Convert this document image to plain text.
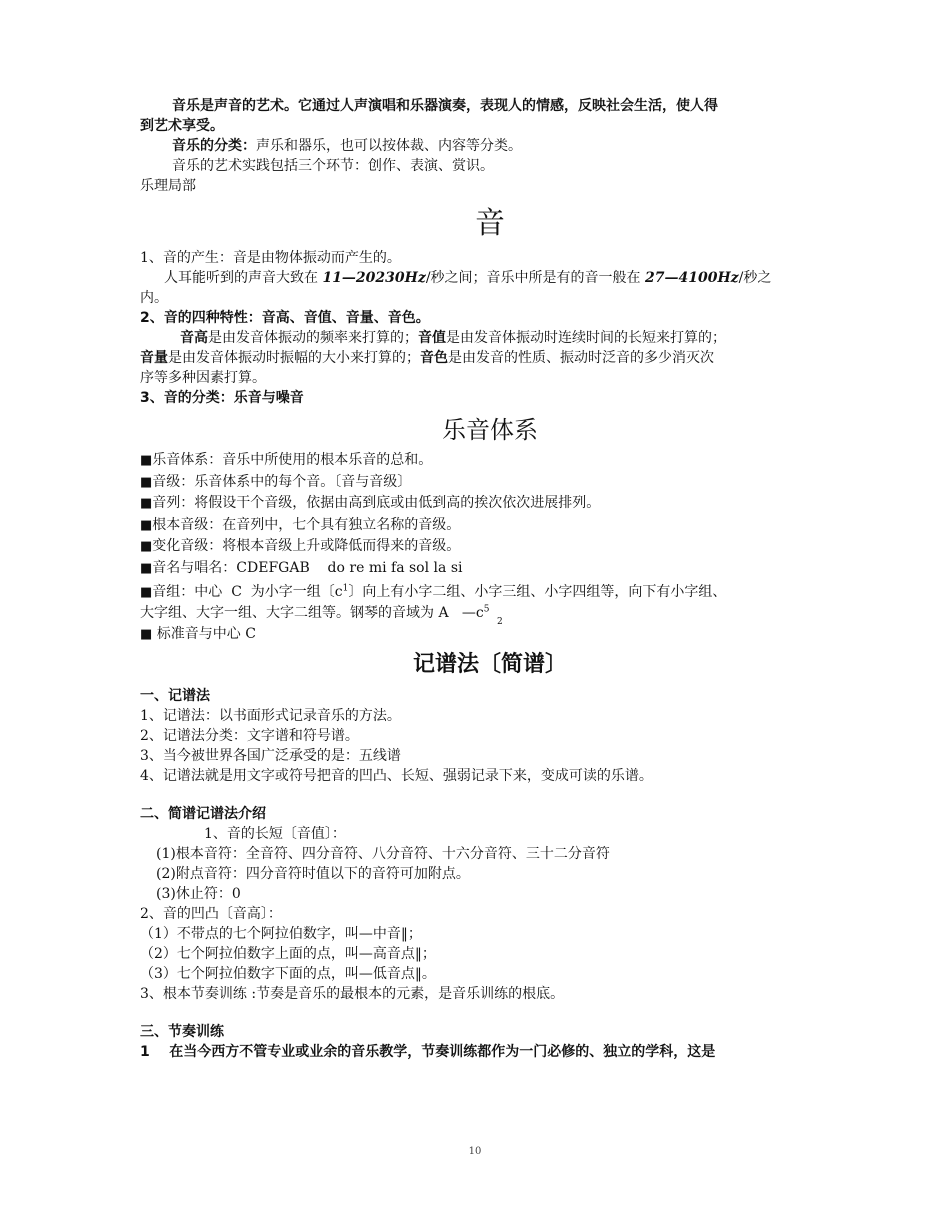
音乐是声音的艺术。它通过人声演唱和乐器演奏，表现人的情感，反映社会生活，使人得
到艺术享受。
音乐的分类：声乐和器乐，也可以按体裁、内容等分类。
音乐的艺术实践包括三个环节：创作、表演、赏识。
乐理局部
音
1、音的产生：音是由物体振动而产生的。
人耳能听到的声音大致在 11—20230Hz/秒之间；音乐中所是有的音一般在 27—4100Hz/秒之
内。
2、音的四种特性：音高、音值、音量、音色。
音高是由发音体振动的频率来打算的；音值是由发音体振动时连续时间的长短来打算的；
音量是由发音体振动时振幅的大小来打算的；音色是由发音的性质、振动时泛音的多少消灭次
序等多种因素打算。
3、音的分类：乐音与噪音
乐音体系
■乐音体系：音乐中所使用的根本乐音的总和。
■音级：乐音体系中的每个音。〔音与音级〕
■音列：将假设干个音级，依据由高到底或由低到高的挨次依次进展排列。
■根本音级：在音列中，七个具有独立名称的音级。
■变化音级：将根本音级上升或降低而得来的音级。
■音名与唱名：CDEFGAB    do re mi fa sol la si
■音组：中心  C  为小字一组〔$c^1$〕向上有小字二组、小字三组、小字四组等，向下有小字组、
大字组、大字一组、大字二组等。钢琴的音域为 A   $—c^5$
■ 标准音与中心 C
2
记谱法〔简谱〕
一、记谱法
1、记谱法：以书面形式记录音乐的方法。
2、记谱法分类：文字谱和符号谱。
3、当今被世界各国广泛承受的是：五线谱
4、记谱法就是用文字或符号把音的凹凸、长短、强弱记录下来，变成可读的乐谱。
二、简谱记谱法介绍
1、音的长短〔音值〕：
(1)根本音符：全音符、四分音符、八分音符、十六分音符、三十二分音符
(2)附点音符：四分音符时值以下的音符可加附点。
(3)休止符：0
2、音的凹凸〔音高〕：
（1）不带点的七个阿拉伯数字，叫—中音‖；
（2）七个阿拉伯数字上面的点，叫—高音点‖；
（3）七个阿拉伯数字下面的点，叫—低音点‖。
3、根本节奏训练 :节奏是音乐的最根本的元素，是音乐训练的根底。
三、节奏训练
1    在当今西方不管专业或业余的音乐教学，节奏训练都作为一门必修的、独立的学科，这是
10
